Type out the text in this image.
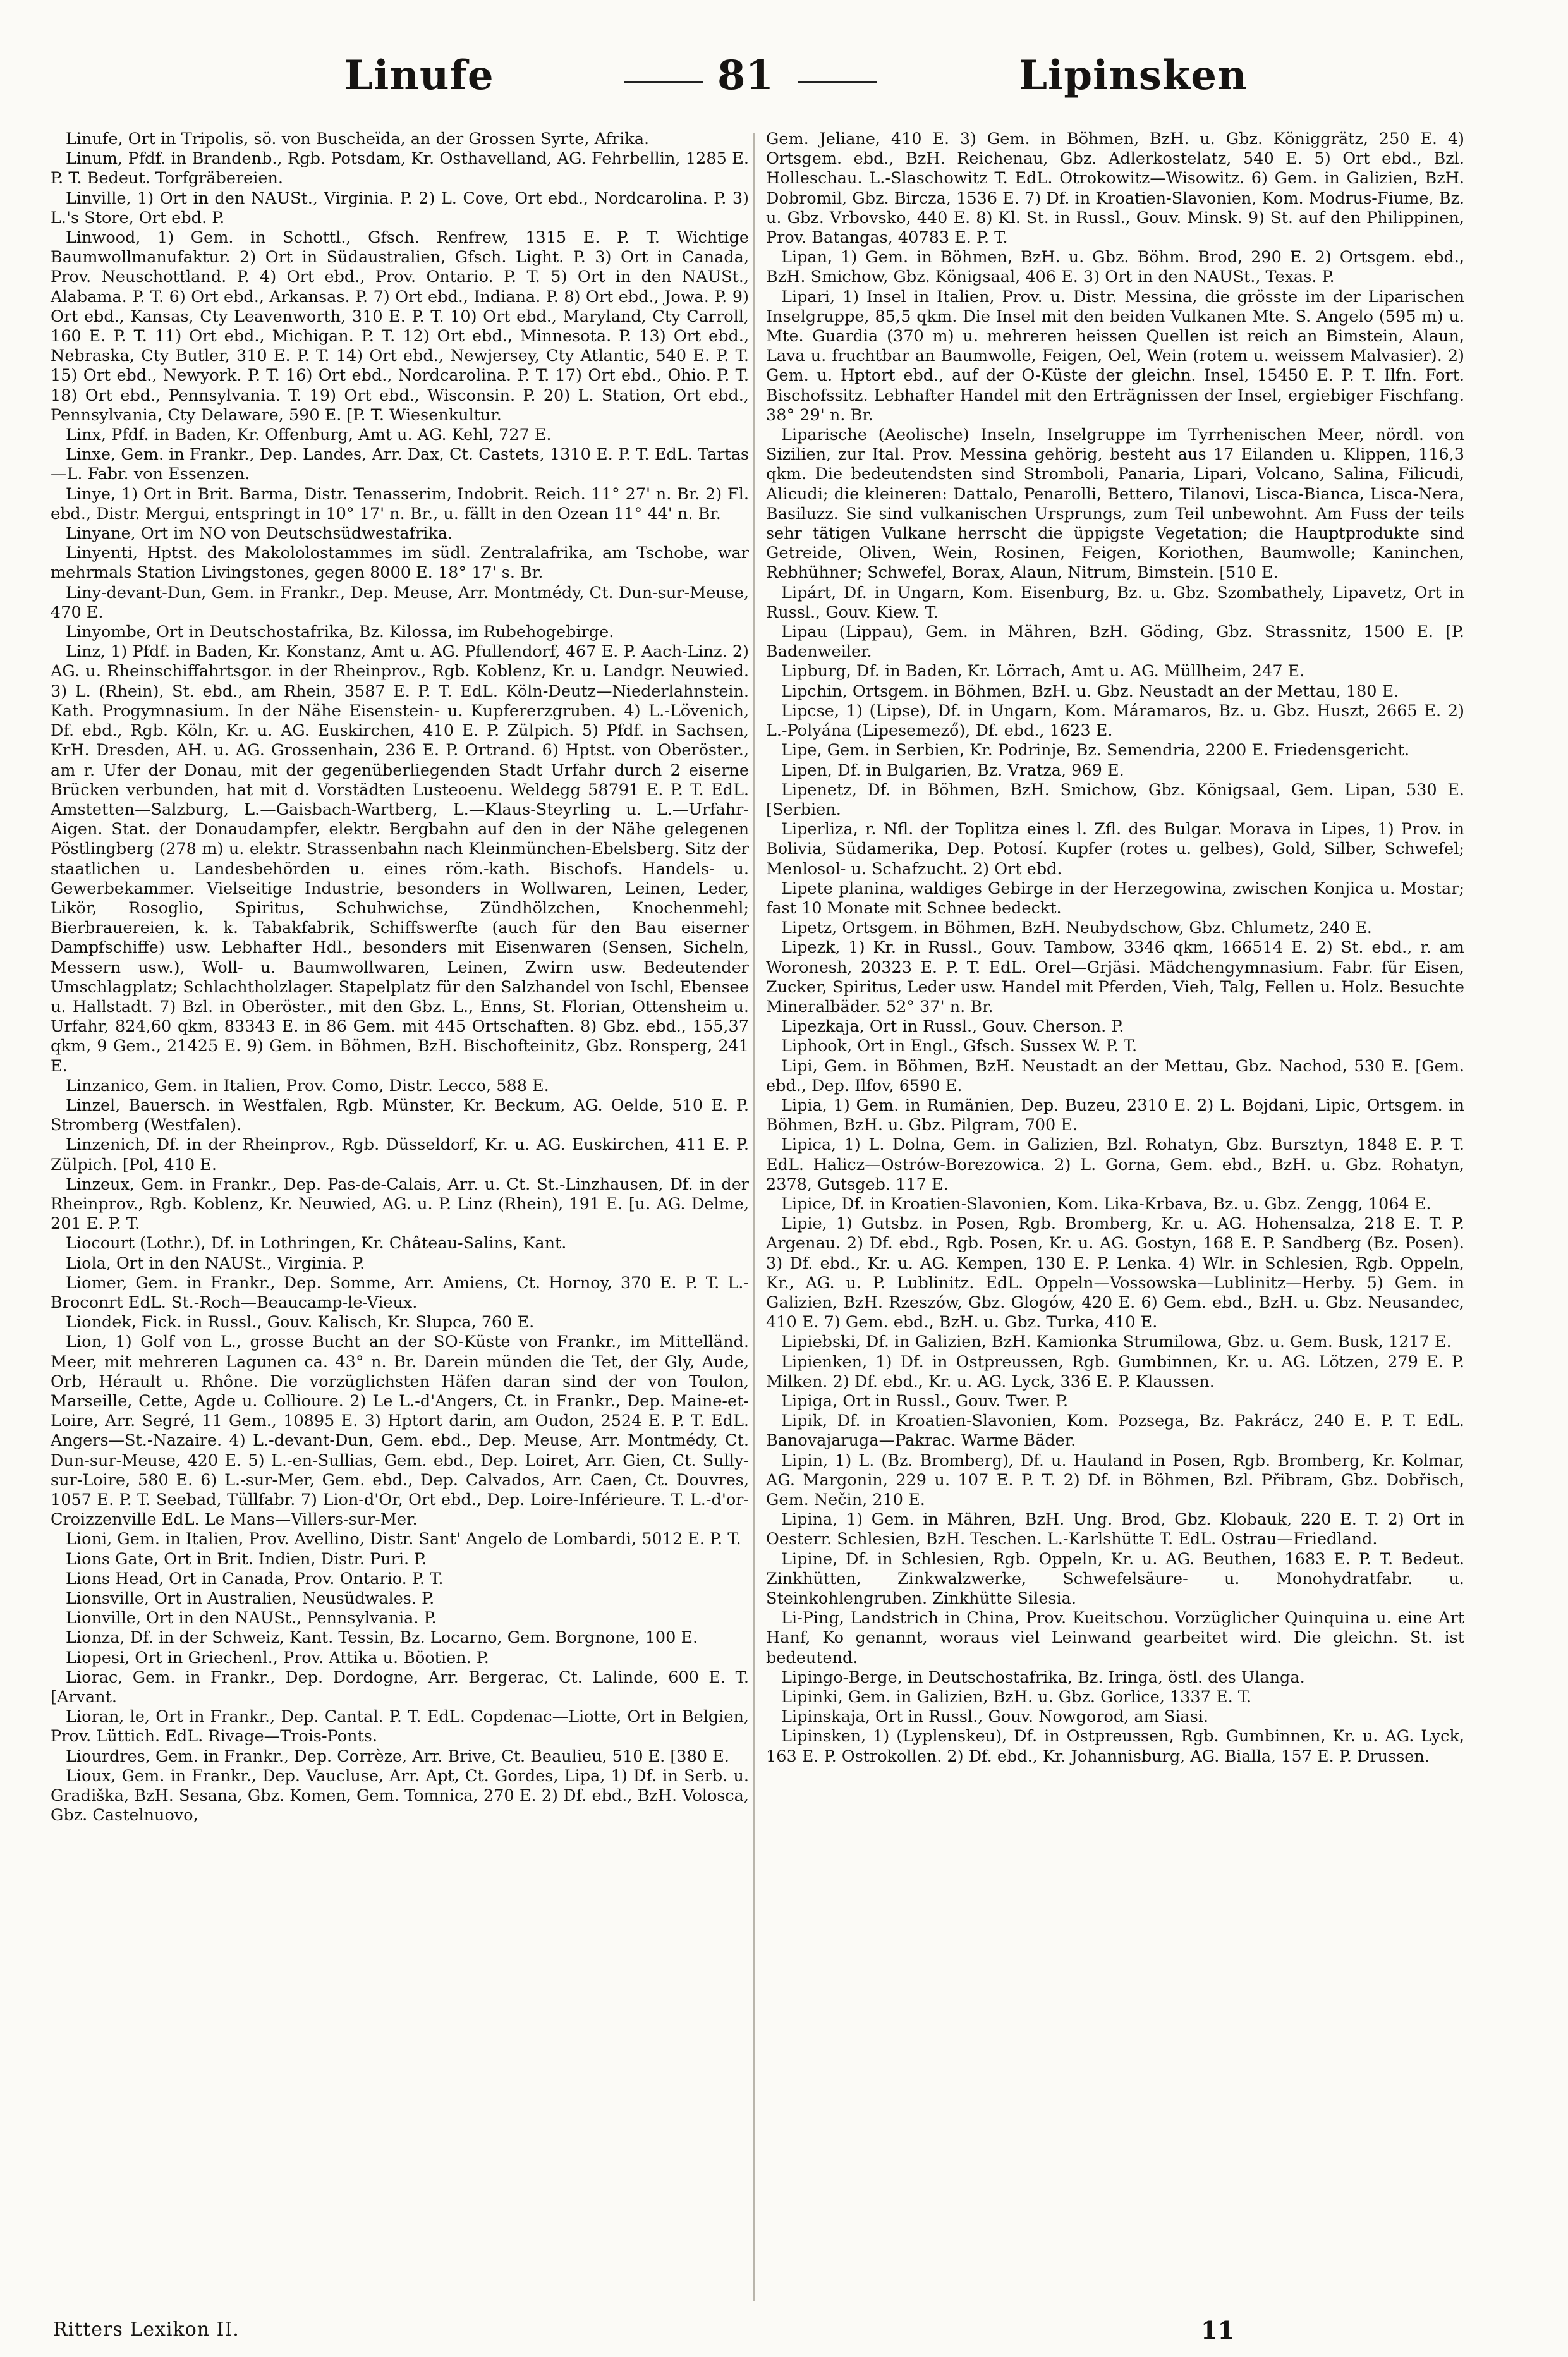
Linufe	81	Lipinsken

Linufe, Ort in Tripolis, sö. von Buscheïda, an der Grossen Syrte, Afrika.

Linum, Pfdf. in Brandenb., Rgb. Potsdam, Kr. Osthavelland, AG. Fehrbellin, 1285 E. P. T. Bedeut. Torfgräbereien.

Linville, 1) Ort in den NAUSt., Virginia. P. 2) L. Cove, Ort ebd., Nordcarolina. P. 3) L.'s Store, Ort ebd. P.

Linwood, 1) Gem. in Schottl., Gfsch. Renfrew, 1315 E. P. T. Wichtige Baumwollmanufaktur. 2) Ort in Südaustralien, Gfsch. Light. P. 3) Ort in Canada, Prov. Neuschottland. P. 4) Ort ebd., Prov. Ontario. P. T. 5) Ort in den NAUSt., Alabama. P. T. 6) Ort ebd., Arkansas. P. 7) Ort ebd., Indiana. P. 8) Ort ebd., Jowa. P. 9) Ort ebd., Kansas, Cty Leavenworth, 310 E. P. T. 10) Ort ebd., Maryland, Cty Carroll, 160 E. P. T. 11) Ort ebd., Michigan. P. T. 12) Ort ebd., Minnesota. P. 13) Ort ebd., Nebraska, Cty Butler, 310 E. P. T. 14) Ort ebd., Newjersey, Cty Atlantic, 540 E. P. T. 15) Ort ebd., Newyork. P. T. 16) Ort ebd., Nordcarolina. P. T. 17) Ort ebd., Ohio. P. T. 18) Ort ebd., Pennsylvania. T. 19) Ort ebd., Wisconsin. P. 20) L. Station, Ort ebd., Pennsylvania, Cty Delaware, 590 E. [P. T. Wiesenkultur.

Linx, Pfdf. in Baden, Kr. Offenburg, Amt u. AG. Kehl, 727 E.

Linxe, Gem. in Frankr., Dep. Landes, Arr. Dax, Ct. Castets, 1310 E. P. T. EdL. Tartas—L. Fabr. von Essenzen.

Linye, 1) Ort in Brit. Barma, Distr. Tenasserim, Indobrit. Reich. 11° 27' n. Br. 2) Fl. ebd., Distr. Mergui, entspringt in 10° 17' n. Br., u. fällt in den Ozean 11° 44' n. Br.

Linyane, Ort im NO von Deutschsüdwestafrika.

Linyenti, Hptst. des Makololostammes im südl. Zentralafrika, am Tschobe, war mehrmals Station Livingstones, gegen 8000 E. 18° 17' s. Br.

Liny-devant-Dun, Gem. in Frankr., Dep. Meuse, Arr. Montmédy, Ct. Dun-sur-Meuse, 470 E.

Linyombe, Ort in Deutschostafrika, Bz. Kilossa, im Rubehogebirge.

Linz, 1) Pfdf. in Baden, Kr. Konstanz, Amt u. AG. Pfullendorf, 467 E. P. Aach-Linz. 2) AG. u. Rheinschiffahrtsgor. in der Rheinprov., Rgb. Koblenz, Kr. u. Landgr. Neuwied. 3) L. (Rhein), St. ebd., am Rhein, 3587 E. P. T. EdL. Köln-Deutz—Niederlahnstein. Kath. Progymnasium. In der Nähe Eisenstein- u. Kupfererzgruben. 4) L.-Lövenich, Df. ebd., Rgb. Köln, Kr. u. AG. Euskirchen, 410 E. P. Zülpich. 5) Pfdf. in Sachsen, KrH. Dresden, AH. u. AG. Grossenhain, 236 E. P. Ortrand. 6) Hptst. von Oberöster., am r. Ufer der Donau, mit der gegenüberliegenden Stadt Urfahr durch 2 eiserne Brücken verbunden, hat mit d. Vorstädten Lusteoenu. Weldegg 58791 E. P. T. EdL. Amstetten—Salzburg, L.—Gaisbach-Wartberg, L.—Klaus-Steyrling u. L.—Urfahr-Aigen. Stat. der Donaudampfer, elektr. Bergbahn auf den in der Nähe gelegenen Pöstlingberg (278 m) u. elektr. Strassenbahn nach Kleinmünchen-Ebelsberg. Sitz der staatlichen u. Landesbehörden u. eines röm.-kath. Bischofs. Handels- u. Gewerbekammer. Vielseitige Industrie, besonders in Wollwaren, Leinen, Leder, Likör, Rosoglio, Spiritus, Schuhwichse, Zündhölzchen, Knochenmehl; Bierbrauereien, k. k. Tabakfabrik, Schiffswerfte (auch für den Bau eiserner Dampfschiffe) usw. Lebhafter Hdl., besonders mit Eisenwaren (Sensen, Sicheln, Messern usw.), Woll- u. Baumwollwaren, Leinen, Zwirn usw. Bedeutender Umschlagplatz; Schlachtholzlager. Stapelplatz für den Salzhandel von Ischl, Ebensee u. Hallstadt. 7) Bzl. in Oberöster., mit den Gbz. L., Enns, St. Florian, Ottensheim u. Urfahr, 824,60 qkm, 83343 E. in 86 Gem. mit 445 Ortschaften. 8) Gbz. ebd., 155,37 qkm, 9 Gem., 21425 E. 9) Gem. in Böhmen, BzH. Bischofteinitz, Gbz. Ronsperg, 241 E.

Linzanico, Gem. in Italien, Prov. Como, Distr. Lecco, 588 E.

Linzel, Bauersch. in Westfalen, Rgb. Münster, Kr. Beckum, AG. Oelde, 510 E. P. Stromberg (Westfalen).

Linzenich, Df. in der Rheinprov., Rgb. Düsseldorf, Kr. u. AG. Euskirchen, 411 E. P. Zülpich. [Pol, 410 E.

Linzeux, Gem. in Frankr., Dep. Pas-de-Calais, Arr. u. Ct. St.-Linzhausen, Df. in der Rheinprov., Rgb. Koblenz, Kr. Neuwied, AG. u. P. Linz (Rhein), 191 E. [u. AG. Delme, 201 E. P. T.

Liocourt (Lothr.), Df. in Lothringen, Kr. Château-Salins, Kant.

Liola, Ort in den NAUSt., Virginia. P.

Liomer, Gem. in Frankr., Dep. Somme, Arr. Amiens, Ct. Hornoy, 370 E. P. T. L.-Broconrt EdL. St.-Roch—Beaucamp-le-Vieux.

Liondek, Fick. in Russl., Gouv. Kalisch, Kr. Slupca, 760 E.

Lion, 1) Golf von L., grosse Bucht an der SO-Küste von Frankr., im Mittelländ. Meer, mit mehreren Lagunen ca. 43° n. Br. Darein münden die Tet, der Gly, Aude, Orb, Hérault u. Rhône. Die vorzüglichsten Häfen daran sind der von Toulon, Marseille, Cette, Agde u. Collioure. 2) Le L.-d'Angers, Ct. in Frankr., Dep. Maine-et-Loire, Arr. Segré, 11 Gem., 10895 E. 3) Hptort darin, am Oudon, 2524 E. P. T. EdL. Angers—St.-Nazaire. 4) L.-devant-Dun, Gem. ebd., Dep. Meuse, Arr. Montmédy, Ct. Dun-sur-Meuse, 420 E. 5) L.-en-Sullias, Gem. ebd., Dep. Loiret, Arr. Gien, Ct. Sully-sur-Loire, 580 E. 6) L.-sur-Mer, Gem. ebd., Dep. Calvados, Arr. Caen, Ct. Douvres, 1057 E. P. T. Seebad, Tüllfabr. 7) Lion-d'Or, Ort ebd., Dep. Loire-Inférieure. T. L.-d'or-Croizzenville EdL. Le Mans—Villers-sur-Mer.

Lioni, Gem. in Italien, Prov. Avellino, Distr. Sant' Angelo de Lombardi, 5012 E. P. T.

Lions Gate, Ort in Brit. Indien, Distr. Puri. P.

Lions Head, Ort in Canada, Prov. Ontario. P. T.

Lionsville, Ort in Australien, Neusüdwales. P.

Lionville, Ort in den NAUSt., Pennsylvania. P.

Lionza, Df. in der Schweiz, Kant. Tessin, Bz. Locarno, Gem. Borgnone, 100 E.

Liopesi, Ort in Griechenl., Prov. Attika u. Böotien. P.

Liorac, Gem. in Frankr., Dep. Dordogne, Arr. Bergerac, Ct. Lalinde, 600 E. T. [Arvant.

Lioran, le, Ort in Frankr., Dep. Cantal. P. T. EdL. Copdenac—Liotte, Ort in Belgien, Prov. Lüttich. EdL. Rivage—Trois-Ponts.

Liourdres, Gem. in Frankr., Dep. Corrèze, Arr. Brive, Ct. Beaulieu, 510 E. [380 E.

Lioux, Gem. in Frankr., Dep. Vaucluse, Arr. Apt, Ct. Gordes, Lipa, 1) Df. in Serb. u. Gradiška, BzH. Sesana, Gbz. Komen, Gem. Tomnica, 270 E. 2) Df. ebd., BzH. Volosca, Gbz. Castelnuovo,

Gem. Jeliane, 410 E. 3) Gem. in Böhmen, BzH. u. Gbz. Königgrätz, 250 E. 4) Ortsgem. ebd., BzH. Reichenau, Gbz. Adlerkostelatz, 540 E. 5) Ort ebd., Bzl. Holleschau. L.-Slaschowitz T. EdL. Otrokowitz—Wisowitz. 6) Gem. in Galizien, BzH. Dobromil, Gbz. Bircza, 1536 E. 7) Df. in Kroatien-Slavonien, Kom. Modrus-Fiume, Bz. u. Gbz. Vrbovsko, 440 E. 8) Kl. St. in Russl., Gouv. Minsk. 9) St. auf den Philippinen, Prov. Batangas, 40783 E. P. T.

Lipan, 1) Gem. in Böhmen, BzH. u. Gbz. Böhm. Brod, 290 E. 2) Ortsgem. ebd., BzH. Smichow, Gbz. Königsaal, 406 E. 3) Ort in den NAUSt., Texas. P.

Lipari, 1) Insel in Italien, Prov. u. Distr. Messina, die grösste im der Liparischen Inselgruppe, 85,5 qkm. Die Insel mit den beiden Vulkanen Mte. S. Angelo (595 m) u. Mte. Guardia (370 m) u. mehreren heissen Quellen ist reich an Bimstein, Alaun, Lava u. fruchtbar an Baumwolle, Feigen, Oel, Wein (rotem u. weissem Malvasier). 2) Gem. u. Hptort ebd., auf der O-Küste der gleichn. Insel, 15450 E. P. T. Ilfn. Fort. Bischofssitz. Lebhafter Handel mit den Erträgnissen der Insel, ergiebiger Fischfang. 38° 29' n. Br.

Liparische (Aeolische) Inseln, Inselgruppe im Tyrrhenischen Meer, nördl. von Sizilien, zur Ital. Prov. Messina gehörig, besteht aus 17 Eilanden u. Klippen, 116,3 qkm. Die bedeutendsten sind Stromboli, Panaria, Lipari, Volcano, Salina, Filicudi, Alicudi; die kleineren: Dattalo, Penarolli, Bettero, Tilanovi, Lisca-Bianca, Lisca-Nera, Basiluzz. Sie sind vulkanischen Ursprungs, zum Teil unbewohnt. Am Fuss der teils sehr tätigen Vulkane herrscht die üppigste Vegetation; die Hauptprodukte sind Getreide, Oliven, Wein, Rosinen, Feigen, Koriothen, Baumwolle; Kaninchen, Rebhühner; Schwefel, Borax, Alaun, Nitrum, Bimstein. [510 E.

Lipárt, Df. in Ungarn, Kom. Eisenburg, Bz. u. Gbz. Szombathely, Lipavetz, Ort in Russl., Gouv. Kiew. T.

Lipau (Lippau), Gem. in Mähren, BzH. Göding, Gbz. Strassnitz, 1500 E. [P. Badenweiler.

Lipburg, Df. in Baden, Kr. Lörrach, Amt u. AG. Müllheim, 247 E.

Lipchin, Ortsgem. in Böhmen, BzH. u. Gbz. Neustadt an der Mettau, 180 E.

Lipcse, 1) (Lipse), Df. in Ungarn, Kom. Máramaros, Bz. u. Gbz. Huszt, 2665 E. 2) L.-Polyána (Lipesemező), Df. ebd., 1623 E.

Lipe, Gem. in Serbien, Kr. Podrinje, Bz. Semendria, 2200 E. Friedensgericht.

Lipen, Df. in Bulgarien, Bz. Vratza, 969 E.

Lipenetz, Df. in Böhmen, BzH. Smichow, Gbz. Königsaal, Gem. Lipan, 530 E. [Serbien.

Liperliza, r. Nfl. der Toplitza eines l. Zfl. des Bulgar. Morava in Lipes, 1) Prov. in Bolivia, Südamerika, Dep. Potosí. Kupfer (rotes u. gelbes), Gold, Silber, Schwefel; Menlosol- u. Schafzucht. 2) Ort ebd.

Lipete planina, waldiges Gebirge in der Herzegowina, zwischen Konjica u. Mostar; fast 10 Monate mit Schnee bedeckt.

Lipetz, Ortsgem. in Böhmen, BzH. Neubydschow, Gbz. Chlumetz, 240 E.

Lipezk, 1) Kr. in Russl., Gouv. Tambow, 3346 qkm, 166514 E. 2) St. ebd., r. am Woronesh, 20323 E. P. T. EdL. Orel—Grjäsi. Mädchengymnasium. Fabr. für Eisen, Zucker, Spiritus, Leder usw. Handel mit Pferden, Vieh, Talg, Fellen u. Holz. Besuchte Mineralbäder. 52° 37' n. Br.

Lipezkaja, Ort in Russl., Gouv. Cherson. P.

Liphook, Ort in Engl., Gfsch. Sussex W. P. T.

Lipi, Gem. in Böhmen, BzH. Neustadt an der Mettau, Gbz. Nachod, 530 E. [Gem. ebd., Dep. Ilfov, 6590 E.

Lipia, 1) Gem. in Rumänien, Dep. Buzeu, 2310 E. 2) L. Bojdani, Lipic, Ortsgem. in Böhmen, BzH. u. Gbz. Pilgram, 700 E.

Lipica, 1) L. Dolna, Gem. in Galizien, Bzl. Rohatyn, Gbz. Bursztyn, 1848 E. P. T. EdL. Halicz—Ostrów-Borezowica. 2) L. Gorna, Gem. ebd., BzH. u. Gbz. Rohatyn, 2378, Gutsgeb. 117 E.

Lipice, Df. in Kroatien-Slavonien, Kom. Lika-Krbava, Bz. u. Gbz. Zengg, 1064 E.

Lipie, 1) Gutsbz. in Posen, Rgb. Bromberg, Kr. u. AG. Hohensalza, 218 E. T. P. Argenau. 2) Df. ebd., Rgb. Posen, Kr. u. AG. Gostyn, 168 E. P. Sandberg (Bz. Posen). 3) Df. ebd., Kr. u. AG. Kempen, 130 E. P. Lenka. 4) Wlr. in Schlesien, Rgb. Oppeln, Kr., AG. u. P. Lublinitz. EdL. Oppeln—Vossowska—Lublinitz—Herby. 5) Gem. in Galizien, BzH. Rzeszów, Gbz. Glogów, 420 E. 6) Gem. ebd., BzH. u. Gbz. Neusandec, 410 E. 7) Gem. ebd., BzH. u. Gbz. Turka, 410 E.

Lipiebski, Df. in Galizien, BzH. Kamionka Strumilowa, Gbz. u. Gem. Busk, 1217 E.

Lipienken, 1) Df. in Ostpreussen, Rgb. Gumbinnen, Kr. u. AG. Lötzen, 279 E. P. Milken. 2) Df. ebd., Kr. u. AG. Lyck, 336 E. P. Klaussen.

Lipiga, Ort in Russl., Gouv. Twer. P.

Lipik, Df. in Kroatien-Slavonien, Kom. Pozsega, Bz. Pakrácz, 240 E. P. T. EdL. Banovajaruga—Pakrac. Warme Bäder.

Lipin, 1) L. (Bz. Bromberg), Df. u. Hauland in Posen, Rgb. Bromberg, Kr. Kolmar, AG. Margonin, 229 u. 107 E. P. T. 2) Df. in Böhmen, Bzl. Přibram, Gbz. Dobřisch, Gem. Nečin, 210 E.

Lipina, 1) Gem. in Mähren, BzH. Ung. Brod, Gbz. Klobauk, 220 E. T. 2) Ort in Oesterr. Schlesien, BzH. Teschen. L.-Karlshütte T. EdL. Ostrau—Friedland.

Lipine, Df. in Schlesien, Rgb. Oppeln, Kr. u. AG. Beuthen, 1683 E. P. T. Bedeut. Zinkhütten, Zinkwalzwerke, Schwefelsäure- u. Monohydratfabr. u. Steinkohlengruben. Zinkhütte Silesia.

Li-Ping, Landstrich in China, Prov. Kueitschou. Vorzüglicher Quinquina u. eine Art Hanf, Ko genannt, woraus viel Leinwand gearbeitet wird. Die gleichn. St. ist bedeutend.

Lipingo-Berge, in Deutschostafrika, Bz. Iringa, östl. des Ulanga.

Lipinki, Gem. in Galizien, BzH. u. Gbz. Gorlice, 1337 E. T.

Lipinskaja, Ort in Russl., Gouv. Nowgorod, am Siasi.

Lipinsken, 1) (Lyplenskeu), Df. in Ostpreussen, Rgb. Gumbinnen, Kr. u. AG. Lyck, 163 E. P. Ostrokollen. 2) Df. ebd., Kr. Johannisburg, AG. Bialla, 157 E. P. Drussen.

Ritters Lexikon II.	11
